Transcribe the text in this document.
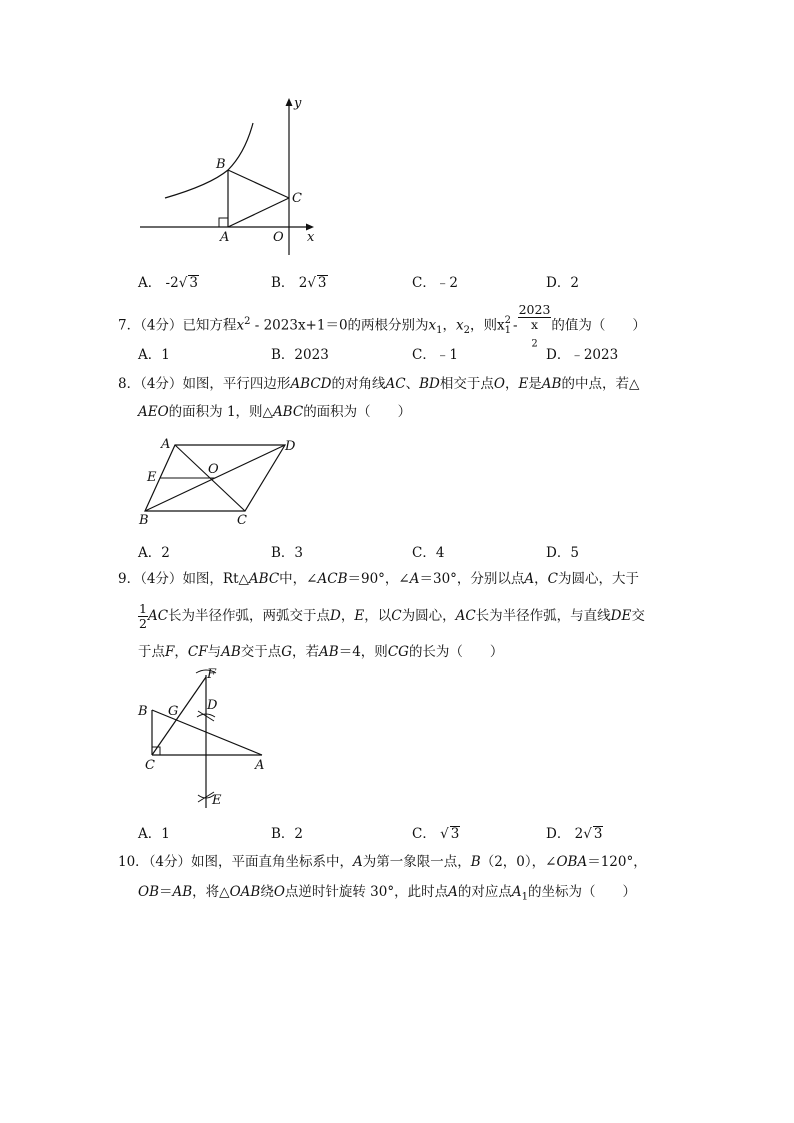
B
C
A	O x
y
A． -2√ 3	B． 2√ 3	C．﹣2	D．2
7．（4分）已知方程$x^2 - 2023x+1=0$的两根分别为$x_1$，$x_2$，则x 2
1 - 2023
x
$_2$ 的值为（　　）
A．1	B．2023	C．﹣1	D．﹣2023
8．（4分）如图，平行四边形ABCD的对角线AC、BD相交于点O，E是AB的中点，若△
AEO的面积为 1，则△ABC的面积为（　　）
A	D
E
O
B	C
A．2	B．3	C．4	D．5
9．（4分）如图，Rt△ABC中，∠ACB＝90°，∠A＝30°，分别以点A，C为圆心，大于
$\frac{1}{2}$ AC 长为半径作弧，两弧交于点 D ， E ，以 C 为圆心， AC 长为半径作弧，与直线 DE 交
于点F，CF与AB交于点G，若AB＝4，则CG的长为（　　）
F
D
B G
C	A
E
A．1	B．2	C． √ 3	D． 2√ 3
10．（4分）如图，平面直角坐标系中，A为第一象限一点，B（2，0），∠OBA＝120°，
OB＝AB，将△OAB绕O点逆时针旋转 30°，此时点A的对应点$A_1$的坐标为（　　）
